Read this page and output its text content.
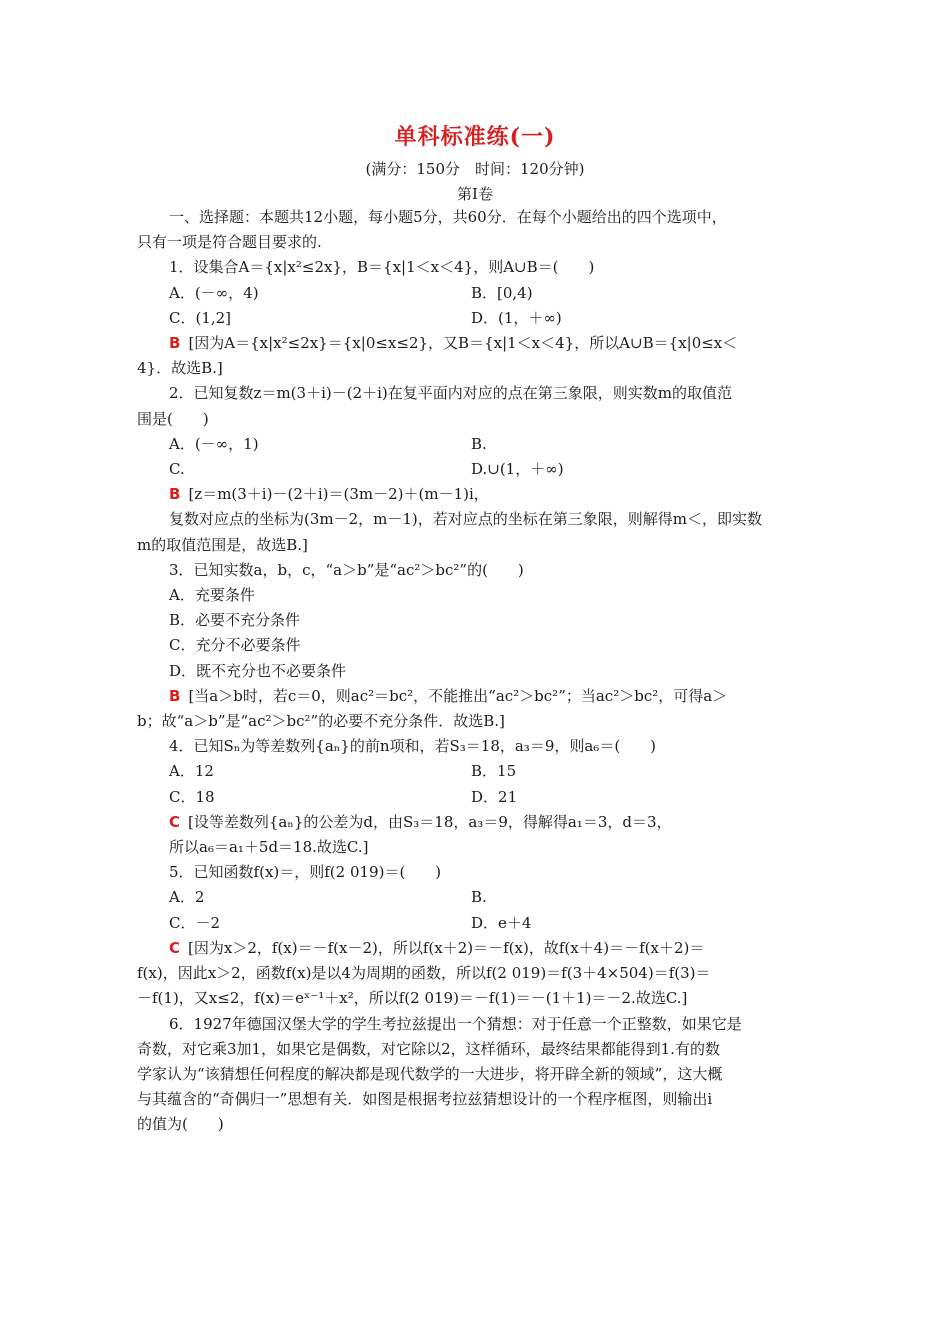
单科标准练(一)
(满分：150分　时间：120分钟)
第Ⅰ卷

一、选择题：本题共12小题，每小题5分，共60分．在每个小题给出的四个选项中，

只有一项是符合题目要求的.

1．设集合A＝{x|x²≤2x}，B＝{x|1＜x＜4}，则A∪B＝(　　)

A．(－∞，4)	B．[0,4)
C．(1,2]	D．(1，＋∞)

B [因为A＝{x|x²≤2x}＝{x|0≤x≤2}，又B＝{x|1＜x＜4}，所以A∪B＝{x|0≤x＜

4}．故选B.]

2．已知复数z＝m(3＋i)－(2＋i)在复平面内对应的点在第三象限，则实数m的取值范

围是(　　)

A．(－∞，1)	B.
C.	D.∪(1，＋∞)

B [z＝m(3＋i)－(2＋i)＝(3m－2)＋(m－1)i，

复数对应点的坐标为(3m－2，m－1)，若对应点的坐标在第三象限，则解得m＜，即实数

m的取值范围是，故选B.]

3．已知实数a，b，c，“a＞b”是“ac²＞bc²”的(　　)

A．充要条件

B．必要不充分条件

C．充分不必要条件

D．既不充分也不必要条件

B [当a＞b时，若c＝0，则ac²＝bc²，不能推出“ac²＞bc²”；当ac²＞bc²，可得a＞

b；故“a＞b”是“ac²＞bc²”的必要不充分条件．故选B.]

4．已知Sₙ为等差数列{aₙ}的前n项和，若S₃＝18，a₃＝9，则a₆＝(　　)

A．12	B．15
C．18	D．21

C [设等差数列{aₙ}的公差为d，由S₃＝18，a₃＝9，得解得a₁＝3，d＝3，

所以a₆＝a₁＋5d＝18.故选C.]

5．已知函数f(x)＝，则f(2 019)＝(　　)

A．2	B.
C．－2	D．e＋4

C [因为x＞2，f(x)＝－f(x－2)，所以f(x＋2)＝－f(x)，故f(x＋4)＝－f(x＋2)＝

f(x)，因此x＞2，函数f(x)是以4为周期的函数，所以f(2 019)＝f(3＋4×504)＝f(3)＝

－f(1)，又x≤2，f(x)＝eˣ⁻¹＋x²，所以f(2 019)＝－f(1)＝－(1＋1)＝－2.故选C.]

6．1927年德国汉堡大学的学生考拉兹提出一个猜想：对于任意一个正整数，如果它是

奇数，对它乘3加1，如果它是偶数，对它除以2，这样循环，最终结果都能得到1.有的数

学家认为“该猜想任何程度的解决都是现代数学的一大进步，将开辟全新的领域”，这大概

与其蕴含的“奇偶归一”思想有关．如图是根据考拉兹猜想设计的一个程序框图，则输出i

的值为(　　)
